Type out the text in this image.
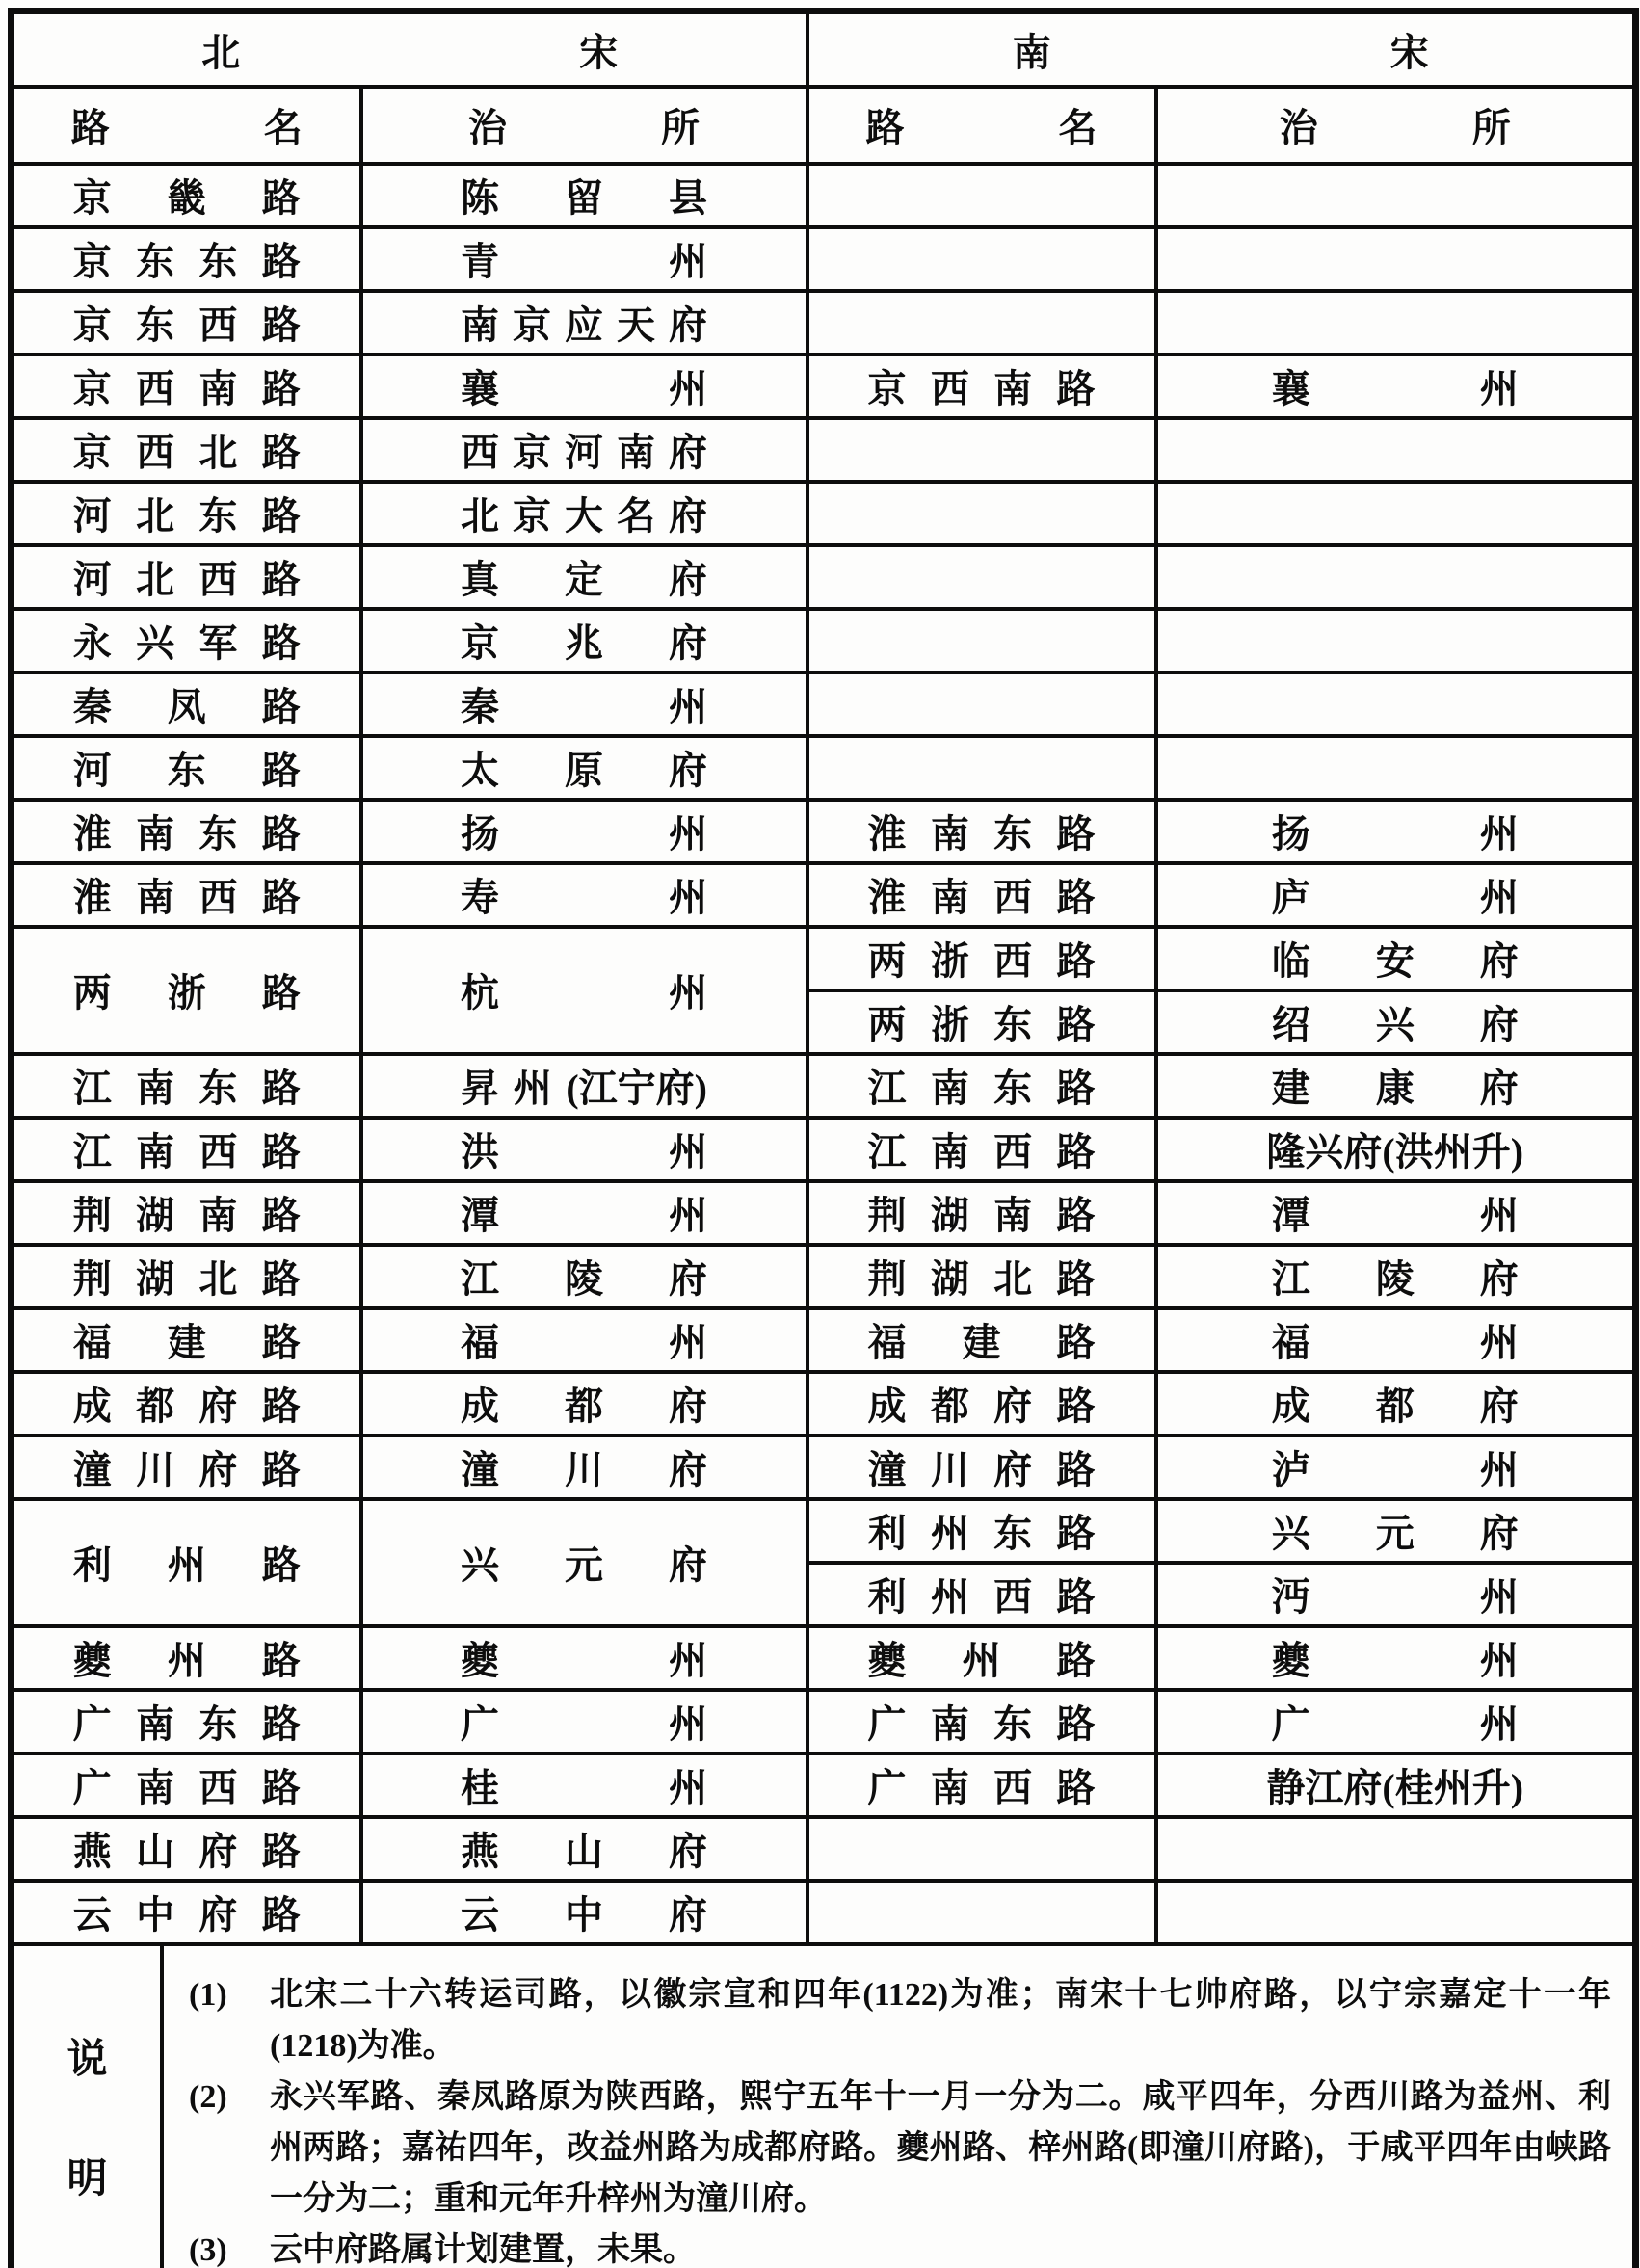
北 宋		南 宋	

路 名	治 所	路 名	治 所

京 畿 路	陈 留 县		

京 东 东 路	青 州		

京 东 西 路	南 京 应 天 府		

京 西 南 路	襄 州	京 西 南 路	襄 州

京 西 北 路	西 京 河 南 府		

河 北 东 路	北 京 大 名 府		

河 北 西 路	真 定 府		

永 兴 军 路	京 兆 府		

秦 凤 路	秦 州		

河 东 路	太 原 府		

淮 南 东 路	扬 州	淮 南 东 路	扬 州

淮 南 西 路	寿 州	淮 南 西 路	庐 州

两 浙 路	杭 州	两 浙 西 路	临 安 府

		两 浙 东 路	绍 兴 府

江 南 东 路	昇 州 (江宁府)	江 南 东 路	建 康 府

江 南 西 路	洪 州	江 南 西 路	隆 兴 府 (洪州升)

荆 湖 南 路	潭 州	荆 湖 南 路	潭 州

荆 湖 北 路	江 陵 府	荆 湖 北 路	江 陵 府

福 建 路	福 州	福 建 路	福 州

成 都 府 路	成 都 府	成 都 府 路	成 都 府

潼 川 府 路	潼 川 府	潼 川 府 路	泸 州

利 州 路	兴 元 府	利 州 东 路	兴 元 府

		利 州 西 路	沔 州

夔 州 路	夔 州	夔 州 路	夔 州

广 南 东 路	广 州	广 南 东 路	广 州

广 南 西 路	桂 州	广 南 西 路	静 江 府 (桂州升)

燕 山 府 路	燕 山 府		

云 中 府 路	云 中 府		

说
明
(1) 北宋二十六转运司路，以徽宗宣和四年(1122)为准；南宋十七帅府路，以宁宗嘉定十一年(1218)为准。
(2) 永兴军路、秦凤路原为陕西路，熙宁五年十一月一分为二。咸平四年，分西川路为益州、利州两路；嘉祐四年，改益州路为成都府路。夔州路、梓州路(即潼川府路)，于咸平四年由峡路一分为二；重和元年升梓州为潼川府。
(3) 云中府路属计划建置，未果。
